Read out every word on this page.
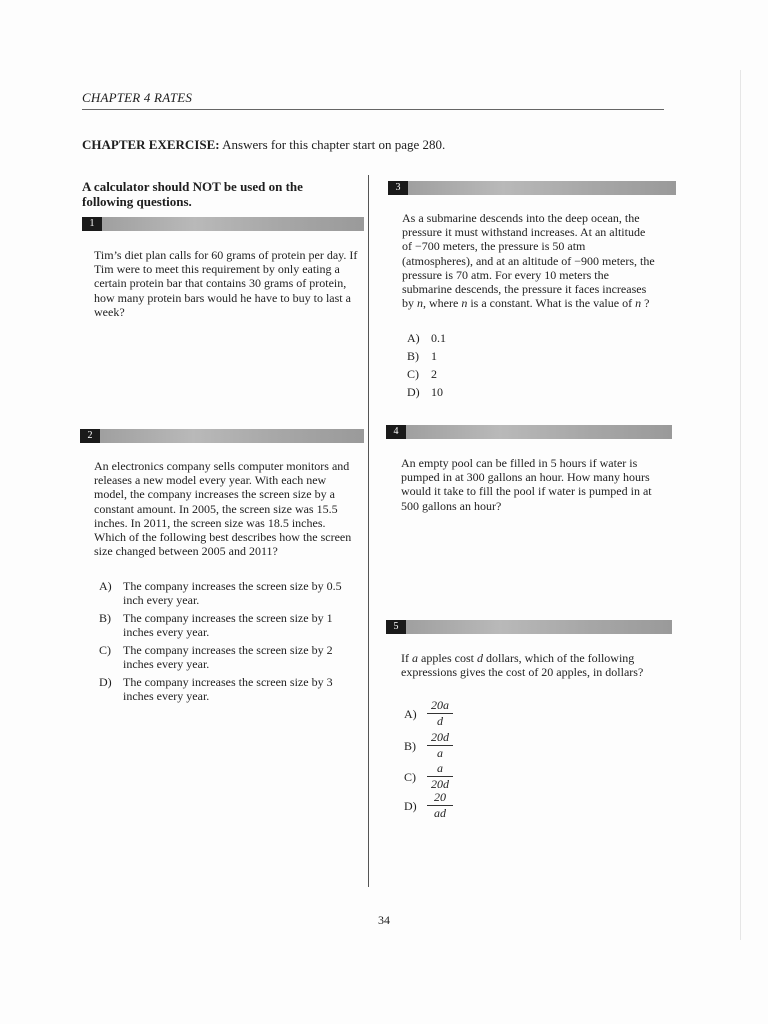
CHAPTER 4 RATES
CHAPTER EXERCISE: Answers for this chapter start on page 280.
A calculator should NOT be used on the following questions.
1
Tim’s diet plan calls for 60 grams of protein per day. If Tim were to meet this requirement by only eating a certain protein bar that contains 30 grams of protein, how many protein bars would he have to buy to last a week?
2
An electronics company sells computer monitors and releases a new model every year. With each new model, the company increases the screen size by a constant amount. In 2005, the screen size was 15.5 inches. In 2011, the screen size was 18.5 inches. Which of the following best describes how the screen size changed between 2005 and 2011?
A) The company increases the screen size by 0.5 inch every year.
B) The company increases the screen size by 1 inches every year.
C) The company increases the screen size by 2 inches every year.
D) The company increases the screen size by 3 inches every year.
3
As a submarine descends into the deep ocean, the pressure it must withstand increases. At an altitude of −700 meters, the pressure is 50 atm (atmospheres), and at an altitude of −900 meters, the pressure is 70 atm. For every 10 meters the submarine descends, the pressure it faces increases by n, where n is a constant. What is the value of n ?
A) 0.1
B) 1
C) 2
D) 10
4
An empty pool can be filled in 5 hours if water is pumped in at 300 gallons an hour. How many hours would it take to fill the pool if water is pumped in at 500 gallons an hour?
5
If a apples cost d dollars, which of the following expressions gives the cost of 20 apples, in dollars?
A)
20a
d
B)
20d
a
C)
a
20d
D)
20
ad
34
